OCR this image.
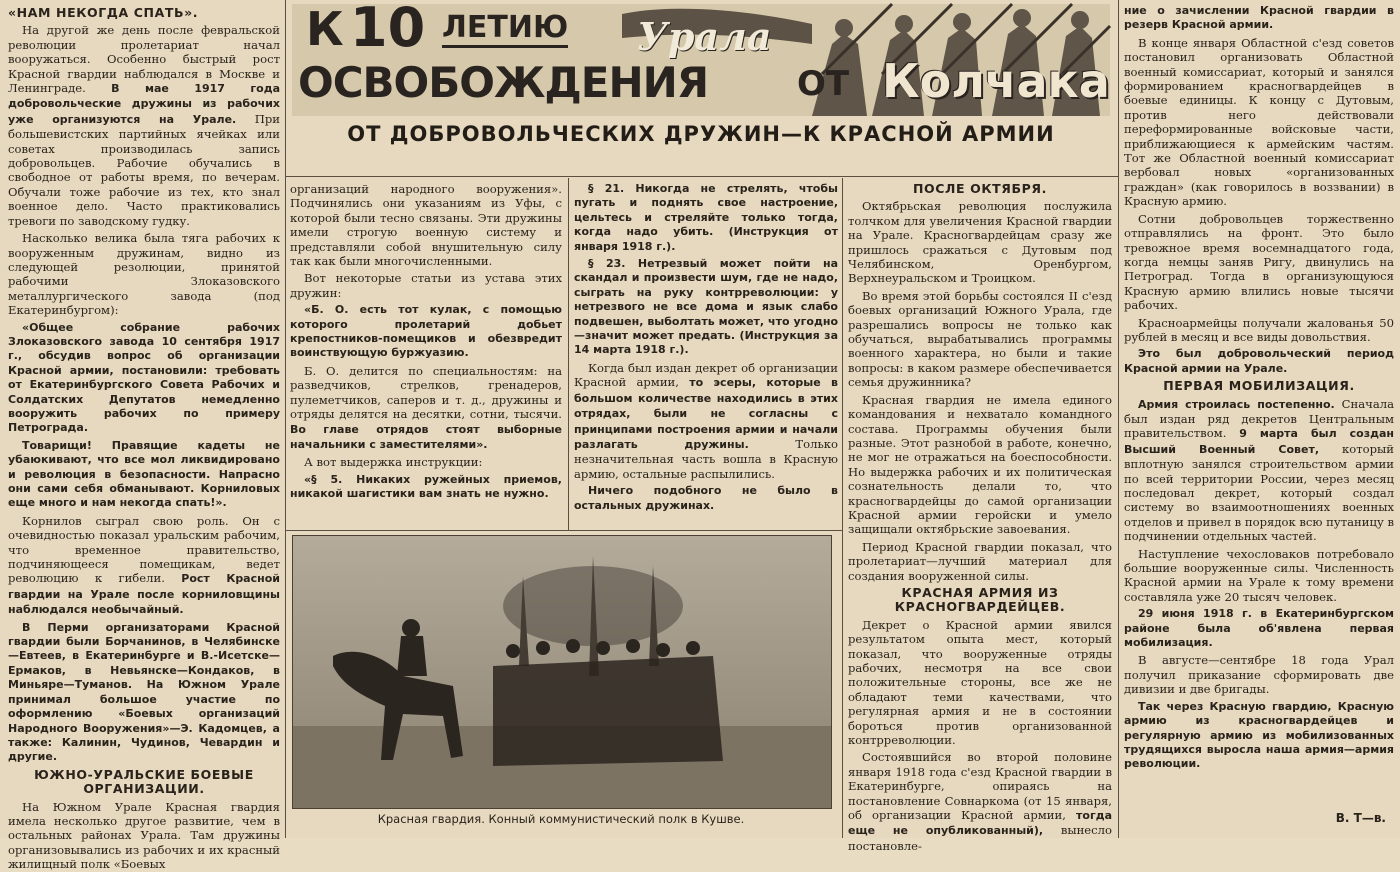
К 10 ЛЕТИЮ Урала
ОСВОБОЖДЕНИЯ	ОТ Колчака
ОТ ДОБРОВОЛЬЧЕСКИХ ДРУЖИН—К КРАСНОЙ АРМИИ

«НАМ НЕКОГДА СПАТЬ».

На другой же день после февральской революции пролетариат начал вооружаться. Особенно быстрый рост Красной гвардии наблюдался в Москве и Ленинграде. В мае 1917 года добровольческие дружины из рабочих уже организуются на Урале. При большевистских партийных ячейках или советах производилась запись добровольцев. Рабочие обучались в свободное от работы время, по вечерам. Обучали тоже рабочие из тех, кто знал военное дело. Часто практиковались тревоги по заводскому гудку.

Насколько велика была тяга рабочих к вооруженным дружинам, видно из следующей резолюции, принятой рабочими Злоказовского металлургического завода (под Екатеринбургом):

«Общее собрание рабочих Злоказовского завода 10 сентября 1917 г., обсудив вопрос об организации Красной армии, постановили: требовать от Екатеринбургского Совета Рабочих и Солдатских Депутатов немедленно вооружить рабочих по примеру Петрограда.

Товарищи! Правящие кадеты не убаюкивают, что все мол ликвидировано и революция в безопасности. Напрасно они сами себя обманывают. Корниловых еще много и нам некогда спать!».

Корнилов сыграл свою роль. Он с очевидностью показал уральским рабочим, что временное правительство, подчиняющееся помещикам, ведет революцию к гибели. Рост Красной гвардии на Урале после корниловщины наблюдался необычайный.

В Перми организаторами Красной гвардии были Борчанинов, в Челябинске—Евтеев, в Екатеринбурге и В.-Исетске—Ермаков, в Невьянске—Кондаков, в Миньяре—Туманов. На Южном Урале принимал большое участие по оформлению «Боевых организаций Народного Вооружения»—Э. Кадомцев, а также: Калинин, Чудинов, Чевардин и другие.

ЮЖНО-УРАЛЬСКИЕ БОЕВЫЕ ОРГАНИЗАЦИИ.

На Южном Урале Красная гвардия имела несколько другое развитие, чем в остальных районах Урала. Там дружины организовывались из рабочих и их красный жилищный полк «Боевых

организаций народного вооружения». Подчинялись они указаниям из Уфы, с которой были тесно связаны. Эти дружины имели строгую военную систему и представляли собой внушительную силу так как были многочисленными.

Вот некоторые статьи из устава этих дружин:

«Б. О. есть тот кулак, с помощью которого пролетарий добьет крепостников-помещиков и обезвредит воинствующую буржуазию.

Б. О. делится по специальностям: на разведчиков, стрелков, гренадеров, пулеметчиков, саперов и т. д., дружины и отряды делятся на десятки, сотни, тысячи. Во главе отрядов стоят выборные начальники с заместителями».

А вот выдержка инструкции:

«§ 5. Никаких ружейных приемов, никакой шагистики вам знать не нужно.

§ 21. Никогда не стрелять, чтобы пугать и поднять свое настроение, цельтесь и стреляйте только тогда, когда надо убить. (Инструкция от января 1918 г.).

§ 23. Нетрезвый может пойти на скандал и произвести шум, где не надо, сыграть на руку контрреволюции: у нетрезвого не все дома и язык слабо подвешен, выболтать может, что угодно—значит может предать. (Инструкция за 14 марта 1918 г.).

Когда был издан декрет об организации Красной армии, то эсеры, которые в большом количестве находились в этих отрядах, были не согласны с принципами построения армии и начали разлагать дружины.	Только незначительная часть вошла в Красную армию, остальные распылились.

Ничего подобного не было в остальных дружинах.

Красная гвардия. Конный коммунистический полк в Кушве.

ПОСЛЕ ОКТЯБРЯ.

Октябрьская революция послужила толчком для увеличения Красной гвардии на Урале. Красногвардейцам сразу же пришлось сражаться с Дутовым под Челябинском, Оренбургом, Верхнеуральском и Троицком.

Во время этой борьбы состоялся II с'езд боевых организаций Южного Урала, где разрешались вопросы не только как обучаться, вырабатывались программы военного характера, но были и такие вопросы: в каком размере обеспечивается семья дружинника?

Красная гвардия не имела единого командования и нехватало командного состава. Программы обучения были разные. Этот разнобой в работе, конечно, не мог не отражаться на боеспособности. Но выдержка рабочих и их политическая сознательность делали то, что красногвардейцы до самой организации Красной армии геройски и умело защищали октябрьские завоевания.

Период Красной гвардии показал, что пролетариат—лучший материал для создания вооруженной силы.

КРАСНАЯ АРМИЯ ИЗ КРАСНОГВАРДЕЙЦЕВ.

Декрет о Красной армии явился результатом опыта мест, который показал, что вооруженные отряды рабочих, несмотря на все свои положительные стороны, все же не обладают теми качествами, что регулярная армия и не в состоянии бороться против организованной контрреволюции.

Состоявшийся во второй половине января 1918 года с'езд Красной гвардии в Екатеринбурге, опираясь на постановление Совнаркома (от 15 января, об организации Красной армии, тогда еще не опубликованный), вынесло постановле-

ние о зачислении Красной гвардии в резерв Красной армии.

В конце января Областной с'езд советов постановил организовать Областной военный комиссариат, который и занялся формированием красногвардейцев в боевые единицы. К концу с Дутовым, против него действовали переформированные войсковые части, приближающиеся к армейским частям. Тот же Областной военный комиссариат вербовал новых «организованных граждан» (как говорилось в воззвании) в Красную армию.

Сотни добровольцев торжественно отправлялись на фронт. Это было тревожное время восемнадцатого года, когда немцы заняв Ригу, двинулись на Петроград. Тогда в организующуюся Красную армию влились новые тысячи рабочих.

Красноармейцы получали жалованья 50 рублей в месяц и все виды довольствия.

Это был добровольческий период Красной армии на Урале.

ПЕРВАЯ МОБИЛИЗАЦИЯ.

Армия строилась постепенно. Сначала был издан ряд декретов Центральным правительством. 9 марта был создан Высший Военный Совет, который вплотную занялся строительством армии по всей территории России, через месяц последовал декрет, который создал систему во взаимоотношениях военных отделов и привел в порядок всю путаницу в подчинении отдельных частей.

Наступление чехословаков потребовало большие вооруженные силы. Численность Красной армии на Урале к тому времени составляла уже 20 тысяч человек.

29 июня 1918 г. в Екатеринбургском районе была об'явлена первая мобилизация.

В августе—сентябре 18 года Урал получил приказание сформировать две дивизии и две бригады.

Так через Красную гвардию, Красную армию из красногвардейцев и регулярную армию из мобилизованных трудящихся выросла наша армия—армия революции.

В. Т—в.
